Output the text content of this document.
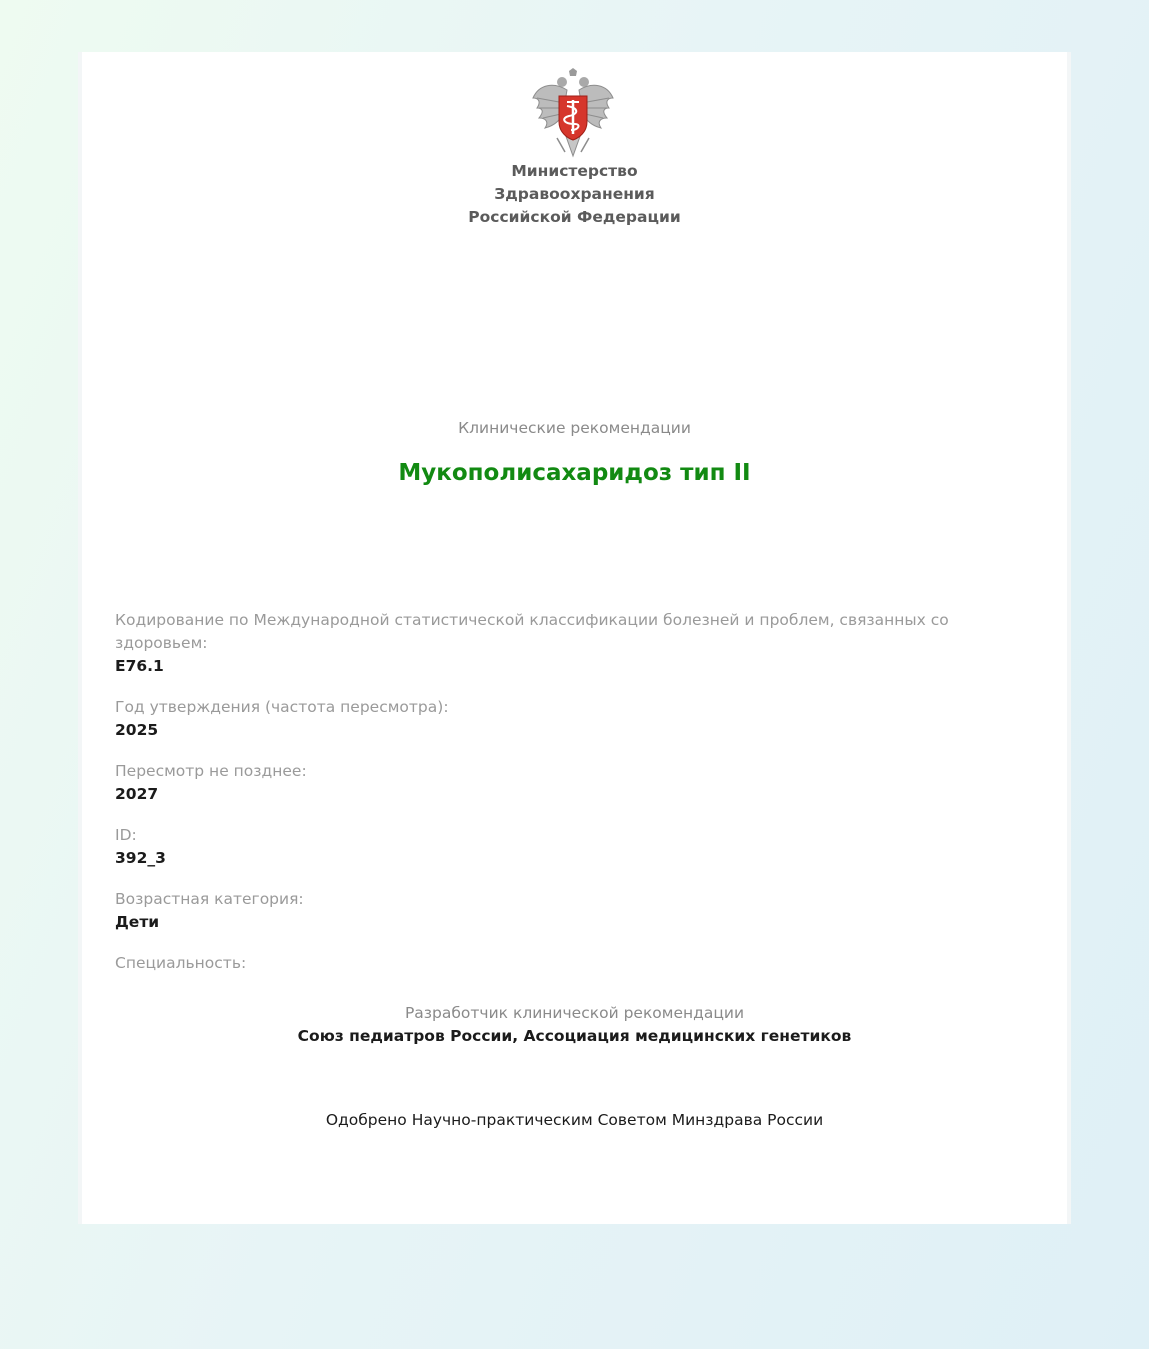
Министерство
Здравоохранения
Российской Федерации
Клинические рекомендации
Мукополисахаридоз тип II
Кодирование по Международной статистической классификации болезней и проблем, связанных со здоровьем:
E76.1
Год утверждения (частота пересмотра):
2025
Пересмотр не позднее:
2027
ID:
392_3
Возрастная категория:
Дети
Специальность:
Разработчик клинической рекомендации
Союз педиатров России, Ассоциация медицинских генетиков
Одобрено Научно-практическим Советом Минздрава России
